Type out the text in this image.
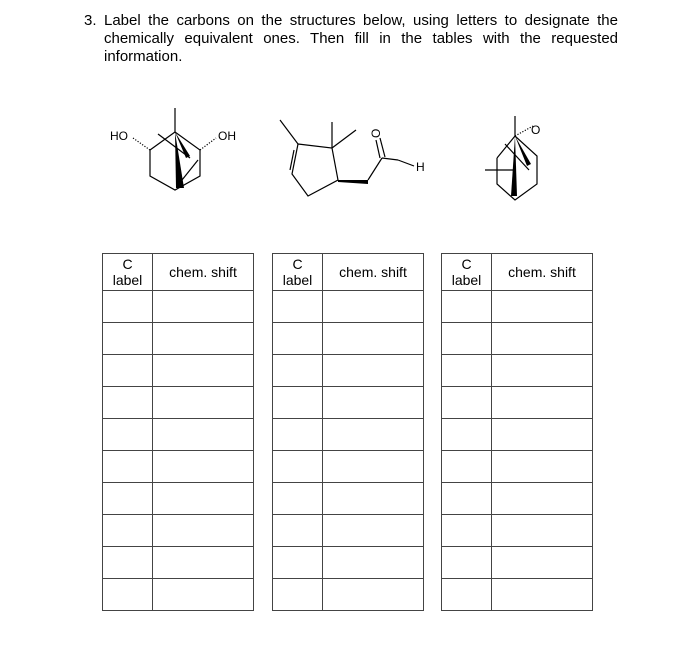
3. Label the carbons on the structures below, using letters to designate the chemically equivalent ones. Then fill in the tables with the requested information.
HO	OH	O
H
O
C
label	chem. shift

		C
label	chem. shift

		C
label	chem. shift
